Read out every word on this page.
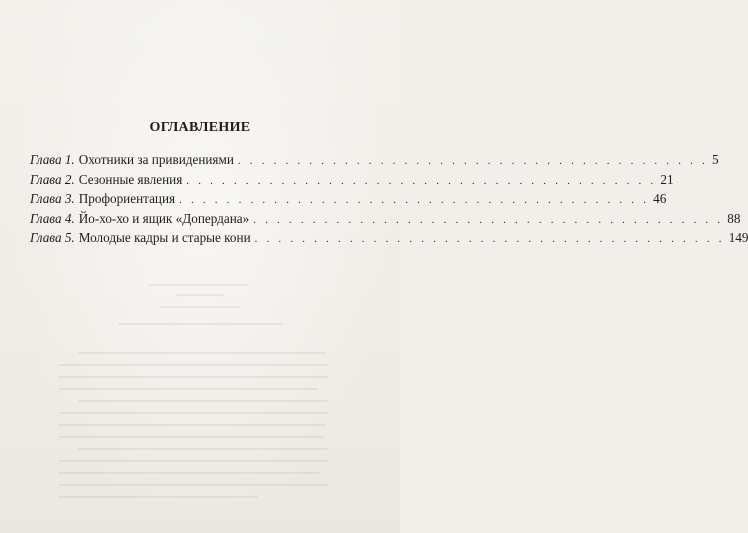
ОГЛАВЛЕНИЕ
Глава 1. Охотники за привидениями . . . . . . . . . . . . . . . . . . . . . . . . . . . . . . . . . . . . . . . . 5
Глава 2. Сезонные явления . . . . . . . . . . . . . . . . . . . . . . . . . . . . . . . . . . . . . . . . 21
Глава 3. Профориентация . . . . . . . . . . . . . . . . . . . . . . . . . . . . . . . . . . . . . . . . 46
Глава 4. Йо-хо-хо и ящик «Допердана» . . . . . . . . . . . . . . . . . . . . . . . . . . . . . . . . . . . . . . . . 88
Глава 5. Молодые кадры и старые кони . . . . . . . . . . . . . . . . . . . . . . . . . . . . . . . . . . . . . . . . 149
